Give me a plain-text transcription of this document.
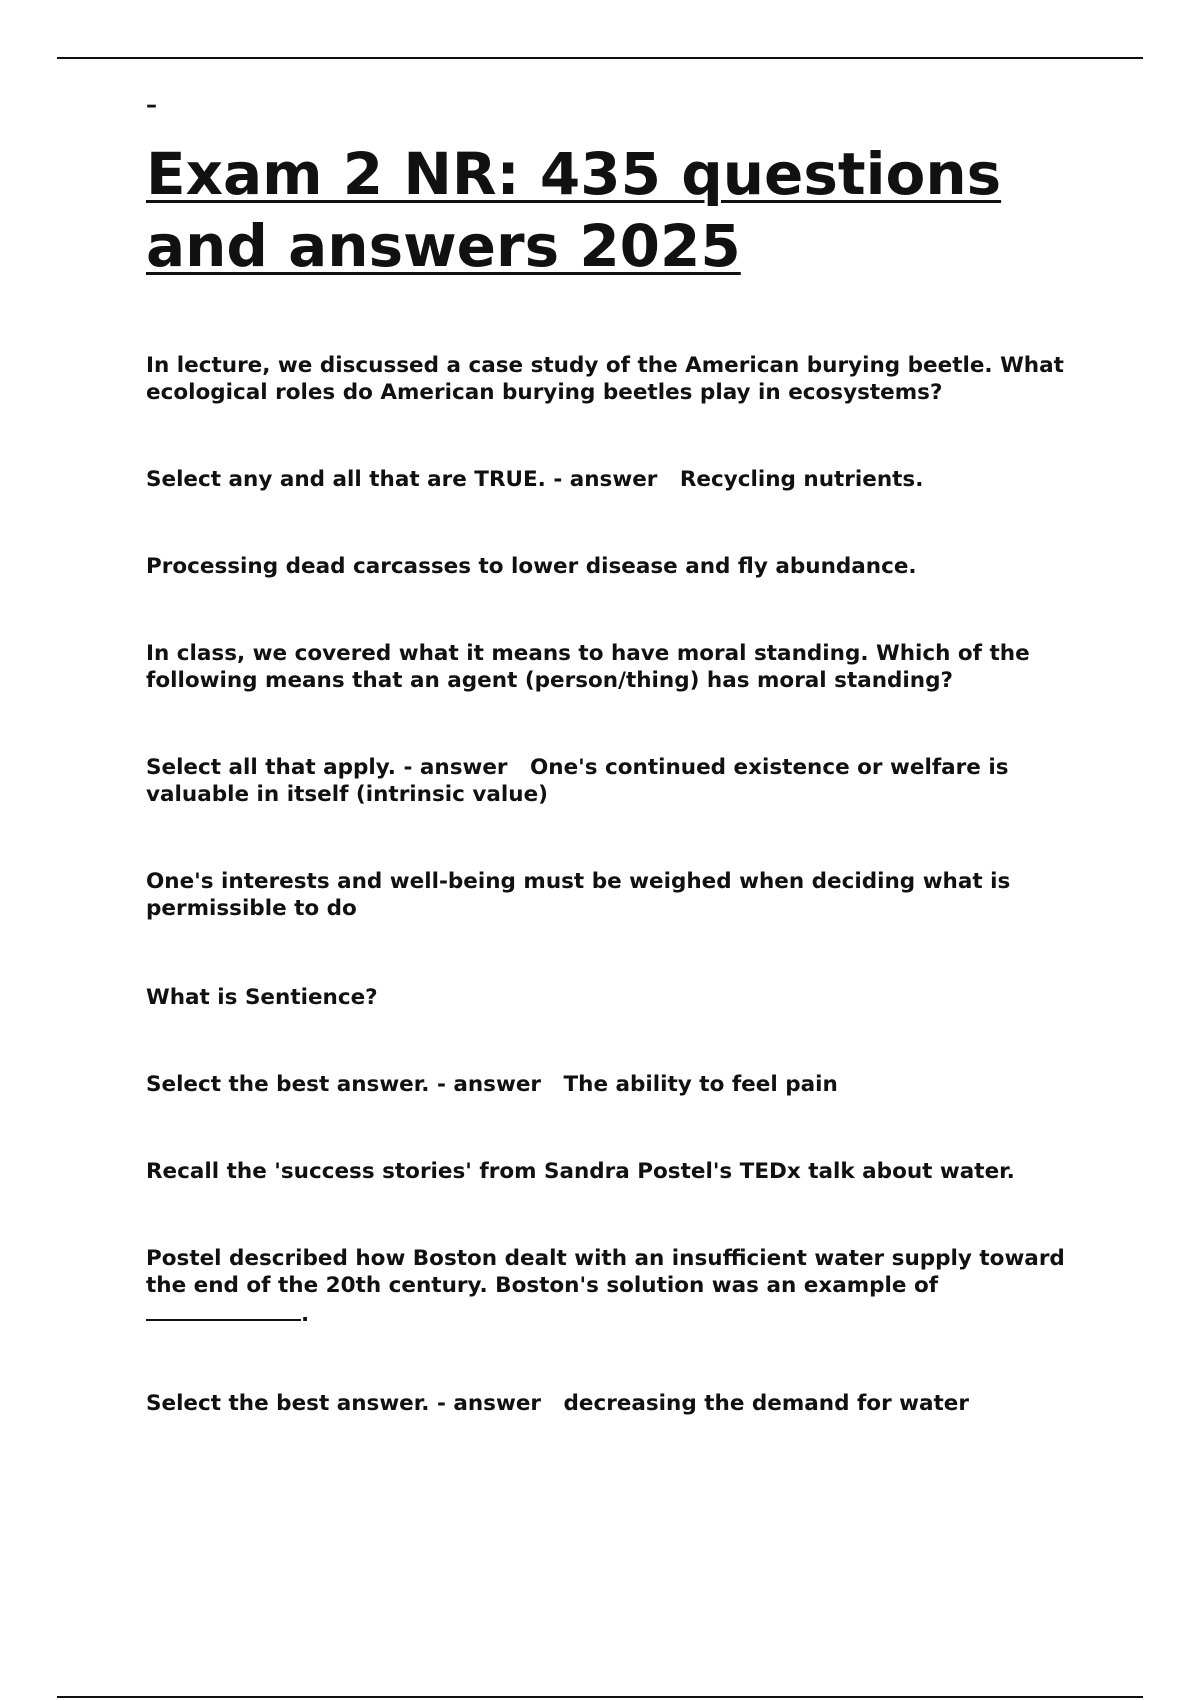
–
Exam 2 NR: 435 questions and answers 2025

In lecture, we discussed a case study of the American burying beetle. What ecological roles do American burying beetles play in ecosystems?

Select any and all that are TRUE. - answer   Recycling nutrients.

Processing dead carcasses to lower disease and fly abundance.

In class, we covered what it means to have moral standing. Which of the following means that an agent (person/thing) has moral standing?

Select all that apply. - answer   One's continued existence or welfare is valuable in itself (intrinsic value)

One's interests and well-being must be weighed when deciding what is permissible to do

What is Sentience?

Select the best answer. - answer   The ability to feel pain

Recall the 'success stories' from Sandra Postel's TEDx talk about water.

Postel described how Boston dealt with an insufficient water supply toward the end of the 20th century. Boston's solution was an example of .

Select the best answer. - answer   decreasing the demand for water
